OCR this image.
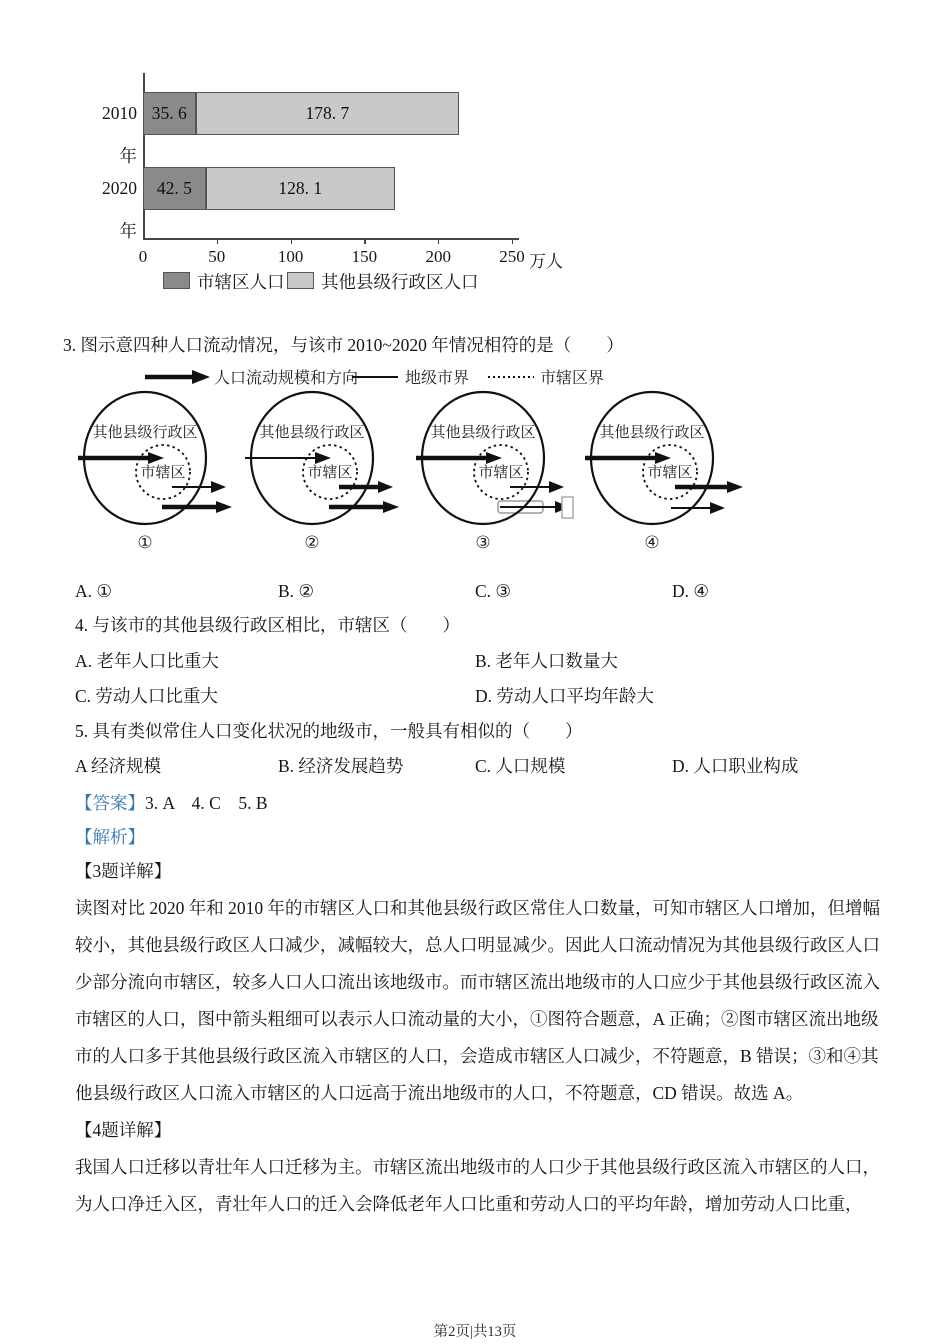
2010年
35. 6	178. 7
2020年
42. 5	128. 1
0	50	100	150	200	250 万人
市辖区人口 其他县级行政区人口
3. 图示意四种人口流动情况，与该市 2010~2020 年情况相符的是（　　）
人口流动规模和方向	地级市界	市辖区界
其他县级行政区
市辖区
①
其他县级行政区
市辖区
②
其他县级行政区
市辖区
③
其他县级行政区
市辖区
④
A. ①	B. ②	C. ③	D. ④
4. 与该市的其他县级行政区相比，市辖区（　　）
A. 老年人口比重大	B. 老年人口数量大
C. 劳动人口比重大	D. 劳动人口平均年龄大
5. 具有类似常住人口变化状况的地级市，一般具有相似的（　　）
A 经济规模	B. 经济发展趋势	C. 人口规模	D. 人口职业构成
【答案】3. A　4. C　5. B
【解析】
【3题详解】
读图对比 2020 年和 2010 年的市辖区人口和其他县级行政区常住人口数量，可知市辖区人口增加，但增幅
较小，其他县级行政区人口减少，减幅较大，总人口明显减少。因此人口流动情况为其他县级行政区人口
少部分流向市辖区，较多人口人口流出该地级市。而市辖区流出地级市的人口应少于其他县级行政区流入
市辖区的人口，图中箭头粗细可以表示人口流动量的大小，①图符合题意，A 正确；②图市辖区流出地级
市的人口多于其他县级行政区流入市辖区的人口，会造成市辖区人口减少，不符题意，B 错误；③和④其
他县级行政区人口流入市辖区的人口远高于流出地级市的人口，不符题意，CD 错误。故选 A。
【4题详解】
我国人口迁移以青壮年人口迁移为主。市辖区流出地级市的人口少于其他县级行政区流入市辖区的人口，
为人口净迁入区，青壮年人口的迁入会降低老年人口比重和劳动人口的平均年龄，增加劳动人口比重，
第2页|共13页
